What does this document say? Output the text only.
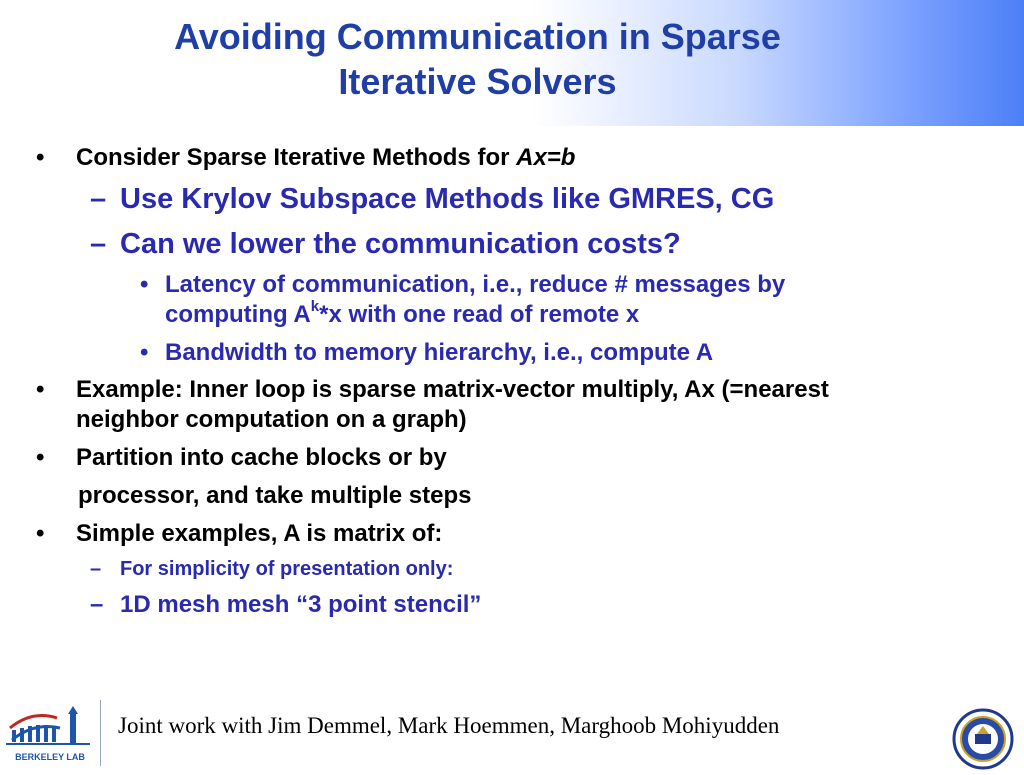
Avoiding Communication in Sparse
Iterative Solvers
• Consider Sparse Iterative Methods for Ax=b
– Use Krylov Subspace Methods like GMRES, CG
– Can we lower the communication costs?
• Latency of communication, i.e., reduce # messages by
computing $A^k*x$ with one read of remote x
• Bandwidth to memory hierarchy, i.e., compute A
• Example: Inner loop is sparse matrix-vector multiply, Ax (=nearest
neighbor computation on a graph)
• Partition into cache blocks or by
processor, and take multiple steps
• Simple examples, A is matrix of:
– For simplicity of presentation only:
– 1D mesh mesh “3 point stencil”
BERKELEY LAB
Joint work with Jim Demmel, Mark Hoemmen, Marghoob Mohiyudden
